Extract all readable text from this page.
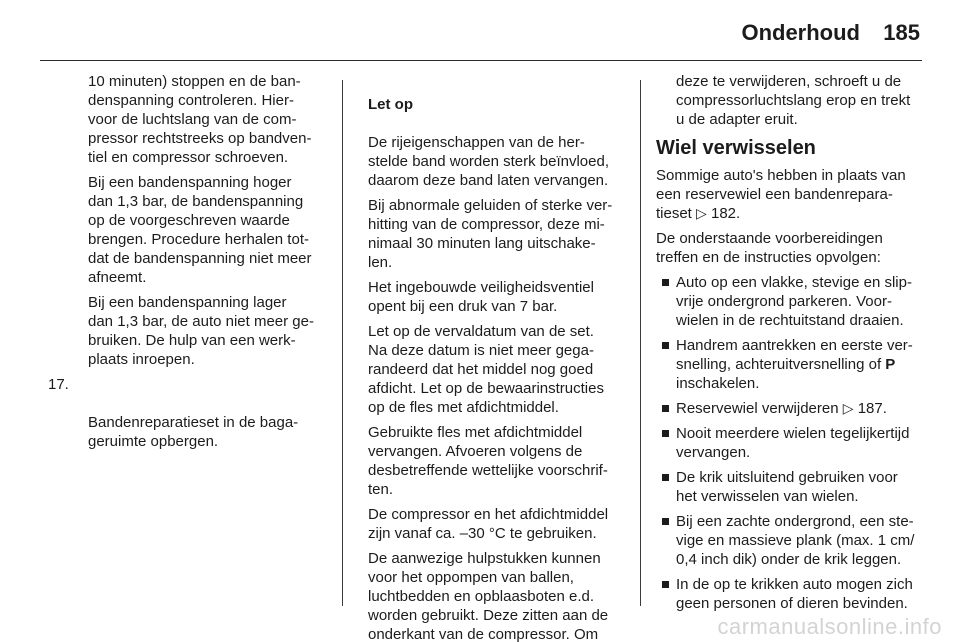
Onderhoud 185

10 minuten) stoppen en de ban-
denspanning controleren. Hier-
voor de luchtslang van de com-
pressor rechtstreeks op bandven-
tiel en compressor schroeven.

Bij een bandenspanning hoger
dan 1,3 bar, de bandenspanning
op de voorgeschreven waarde
brengen. Procedure herhalen tot-
dat de bandenspanning niet meer
afneemt.

Bij een bandenspanning lager
dan 1,3 bar, de auto niet meer ge-
bruiken. De hulp van een werk-
plaats inroepen.

17.

Bandenreparatieset in de baga-
geruimte opbergen.

Let op

De rijeigenschappen van de her-
stelde band worden sterk beïnvloed,
daarom deze band laten vervangen.

Bij abnormale geluiden of sterke ver-
hitting van de compressor, deze mi-
nimaal 30 minuten lang uitschake-
len.

Het ingebouwde veiligheidsventiel
opent bij een druk van 7 bar.

Let op de vervaldatum van de set.
Na deze datum is niet meer gega-
randeerd dat het middel nog goed
afdicht. Let op de bewaarinstructies
op de fles met afdichtmiddel.

Gebruikte fles met afdichtmiddel
vervangen. Afvoeren volgens de
desbetreffende wettelijke voorschrif-
ten.

De compressor en het afdichtmiddel
zijn vanaf ca. –30 °C te gebruiken.

De aanwezige hulpstukken kunnen
voor het oppompen van ballen,
luchtbedden en opblaasboten e.d.
worden gebruikt. Deze zitten aan de
onderkant van de compressor. Om

deze te verwijderen, schroeft u de
compressorluchtslang erop en trekt
u de adapter eruit.

Wiel verwisselen

Sommige auto's hebben in plaats van
een reservewiel een bandenrepara-
tieset ▷ 182.

De onderstaande voorbereidingen
treffen en de instructies opvolgen:

Auto op een vlakke, stevige en slip-
vrije ondergrond parkeren. Voor-
wielen in de rechtuitstand draaien.
Handrem aantrekken en eerste ver-
snelling, achteruitversnelling of P
inschakelen.
Reservewiel verwijderen ▷ 187.
Nooit meerdere wielen tegelijkertijd
vervangen.
De krik uitsluitend gebruiken voor
het verwisselen van wielen.
Bij een zachte ondergrond, een ste-
vige en massieve plank (max. 1 cm/
0,4 inch dik) onder de krik leggen.
In de op te krikken auto mogen zich
geen personen of dieren bevinden.
carmanualsonline.info
